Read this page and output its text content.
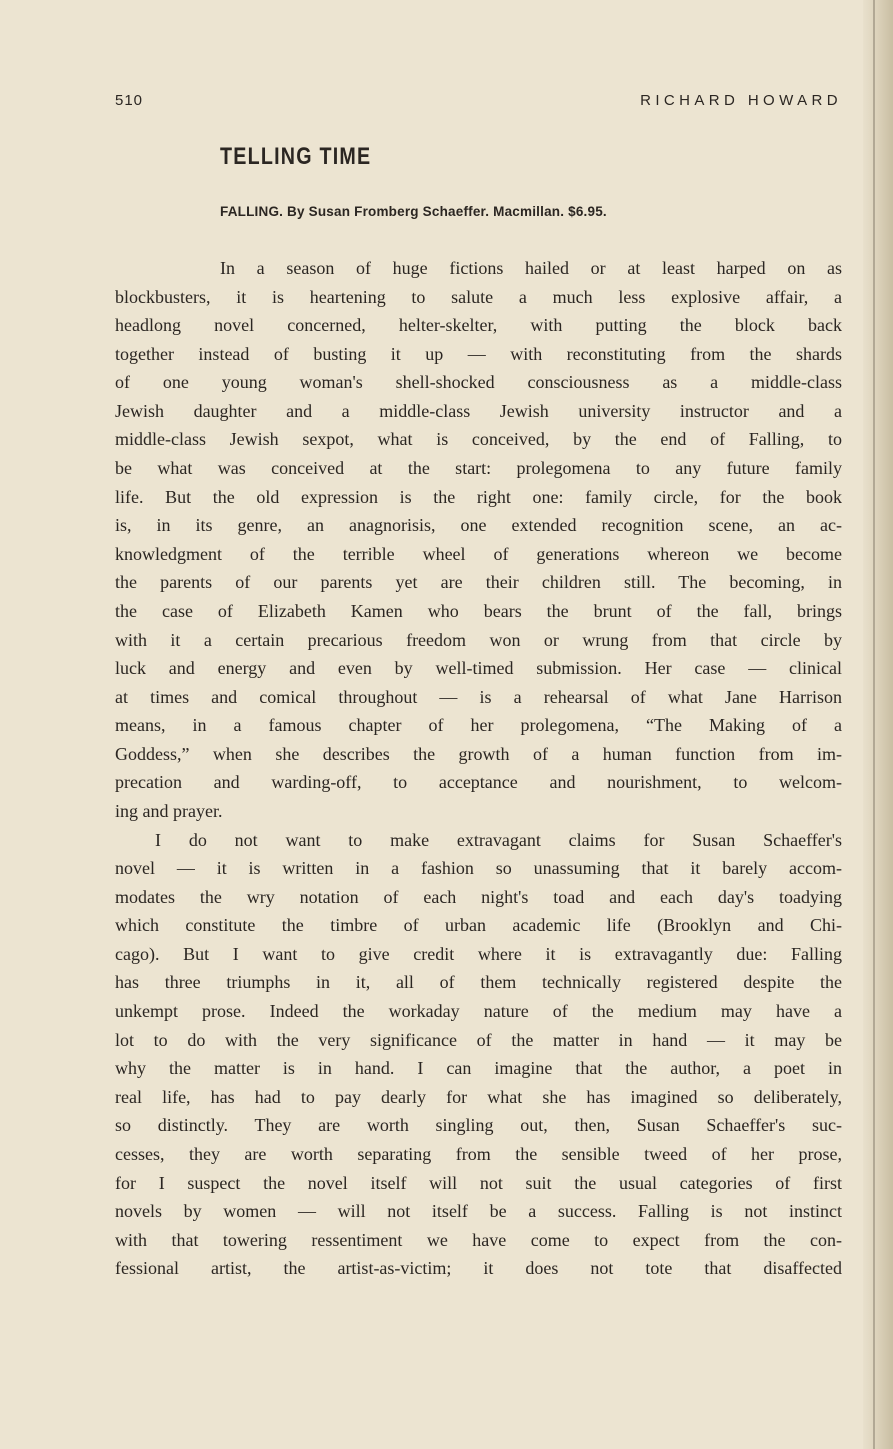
510	RICHARD HOWARD
TELLING TIME

FALLING. By Susan Fromberg Schaeffer. Macmillan. $6.95.

In a season of huge fictions hailed or at least harped on as
blockbusters, it is heartening to salute a much less explosive affair, a
headlong novel concerned, helter-skelter, with putting the block back
together instead of busting it up — with reconstituting from the shards
of one young woman's shell-shocked consciousness as a middle-class
Jewish daughter and a middle-class Jewish university instructor and a
middle-class Jewish sexpot, what is conceived, by the end of Falling, to
be what was conceived at the start: prolegomena to any future family
life. But the old expression is the right one: family circle, for the book
is, in its genre, an anagnorisis, one extended recognition scene, an ac-
knowledgment of the terrible wheel of generations whereon we become
the parents of our parents yet are their children still. The becoming, in
the case of Elizabeth Kamen who bears the brunt of the fall, brings
with it a certain precarious freedom won or wrung from that circle by
luck and energy and even by well-timed submission. Her case — clinical
at times and comical throughout — is a rehearsal of what Jane Harrison
means, in a famous chapter of her prolegomena, “The Making of a
Goddess,” when she describes the growth of a human function from im-
precation and warding-off, to acceptance and nourishment, to welcom-
ing and prayer.
I do not want to make extravagant claims for Susan Schaeffer's
novel — it is written in a fashion so unassuming that it barely accom-
modates the wry notation of each night's toad and each day's toadying
which constitute the timbre of urban academic life (Brooklyn and Chi-
cago). But I want to give credit where it is extravagantly due: Falling
has three triumphs in it, all of them technically registered despite the
unkempt prose. Indeed the workaday nature of the medium may have a
lot to do with the very significance of the matter in hand — it may be
why the matter is in hand. I can imagine that the author, a poet in
real life, has had to pay dearly for what she has imagined so deliberately,
so distinctly. They are worth singling out, then, Susan Schaeffer's suc-
cesses, they are worth separating from the sensible tweed of her prose,
for I suspect the novel itself will not suit the usual categories of first
novels by women — will not itself be a success. Falling is not instinct
with that towering ressentiment we have come to expect from the con-
fessional artist, the artist-as-victim; it does not tote that disaffected
